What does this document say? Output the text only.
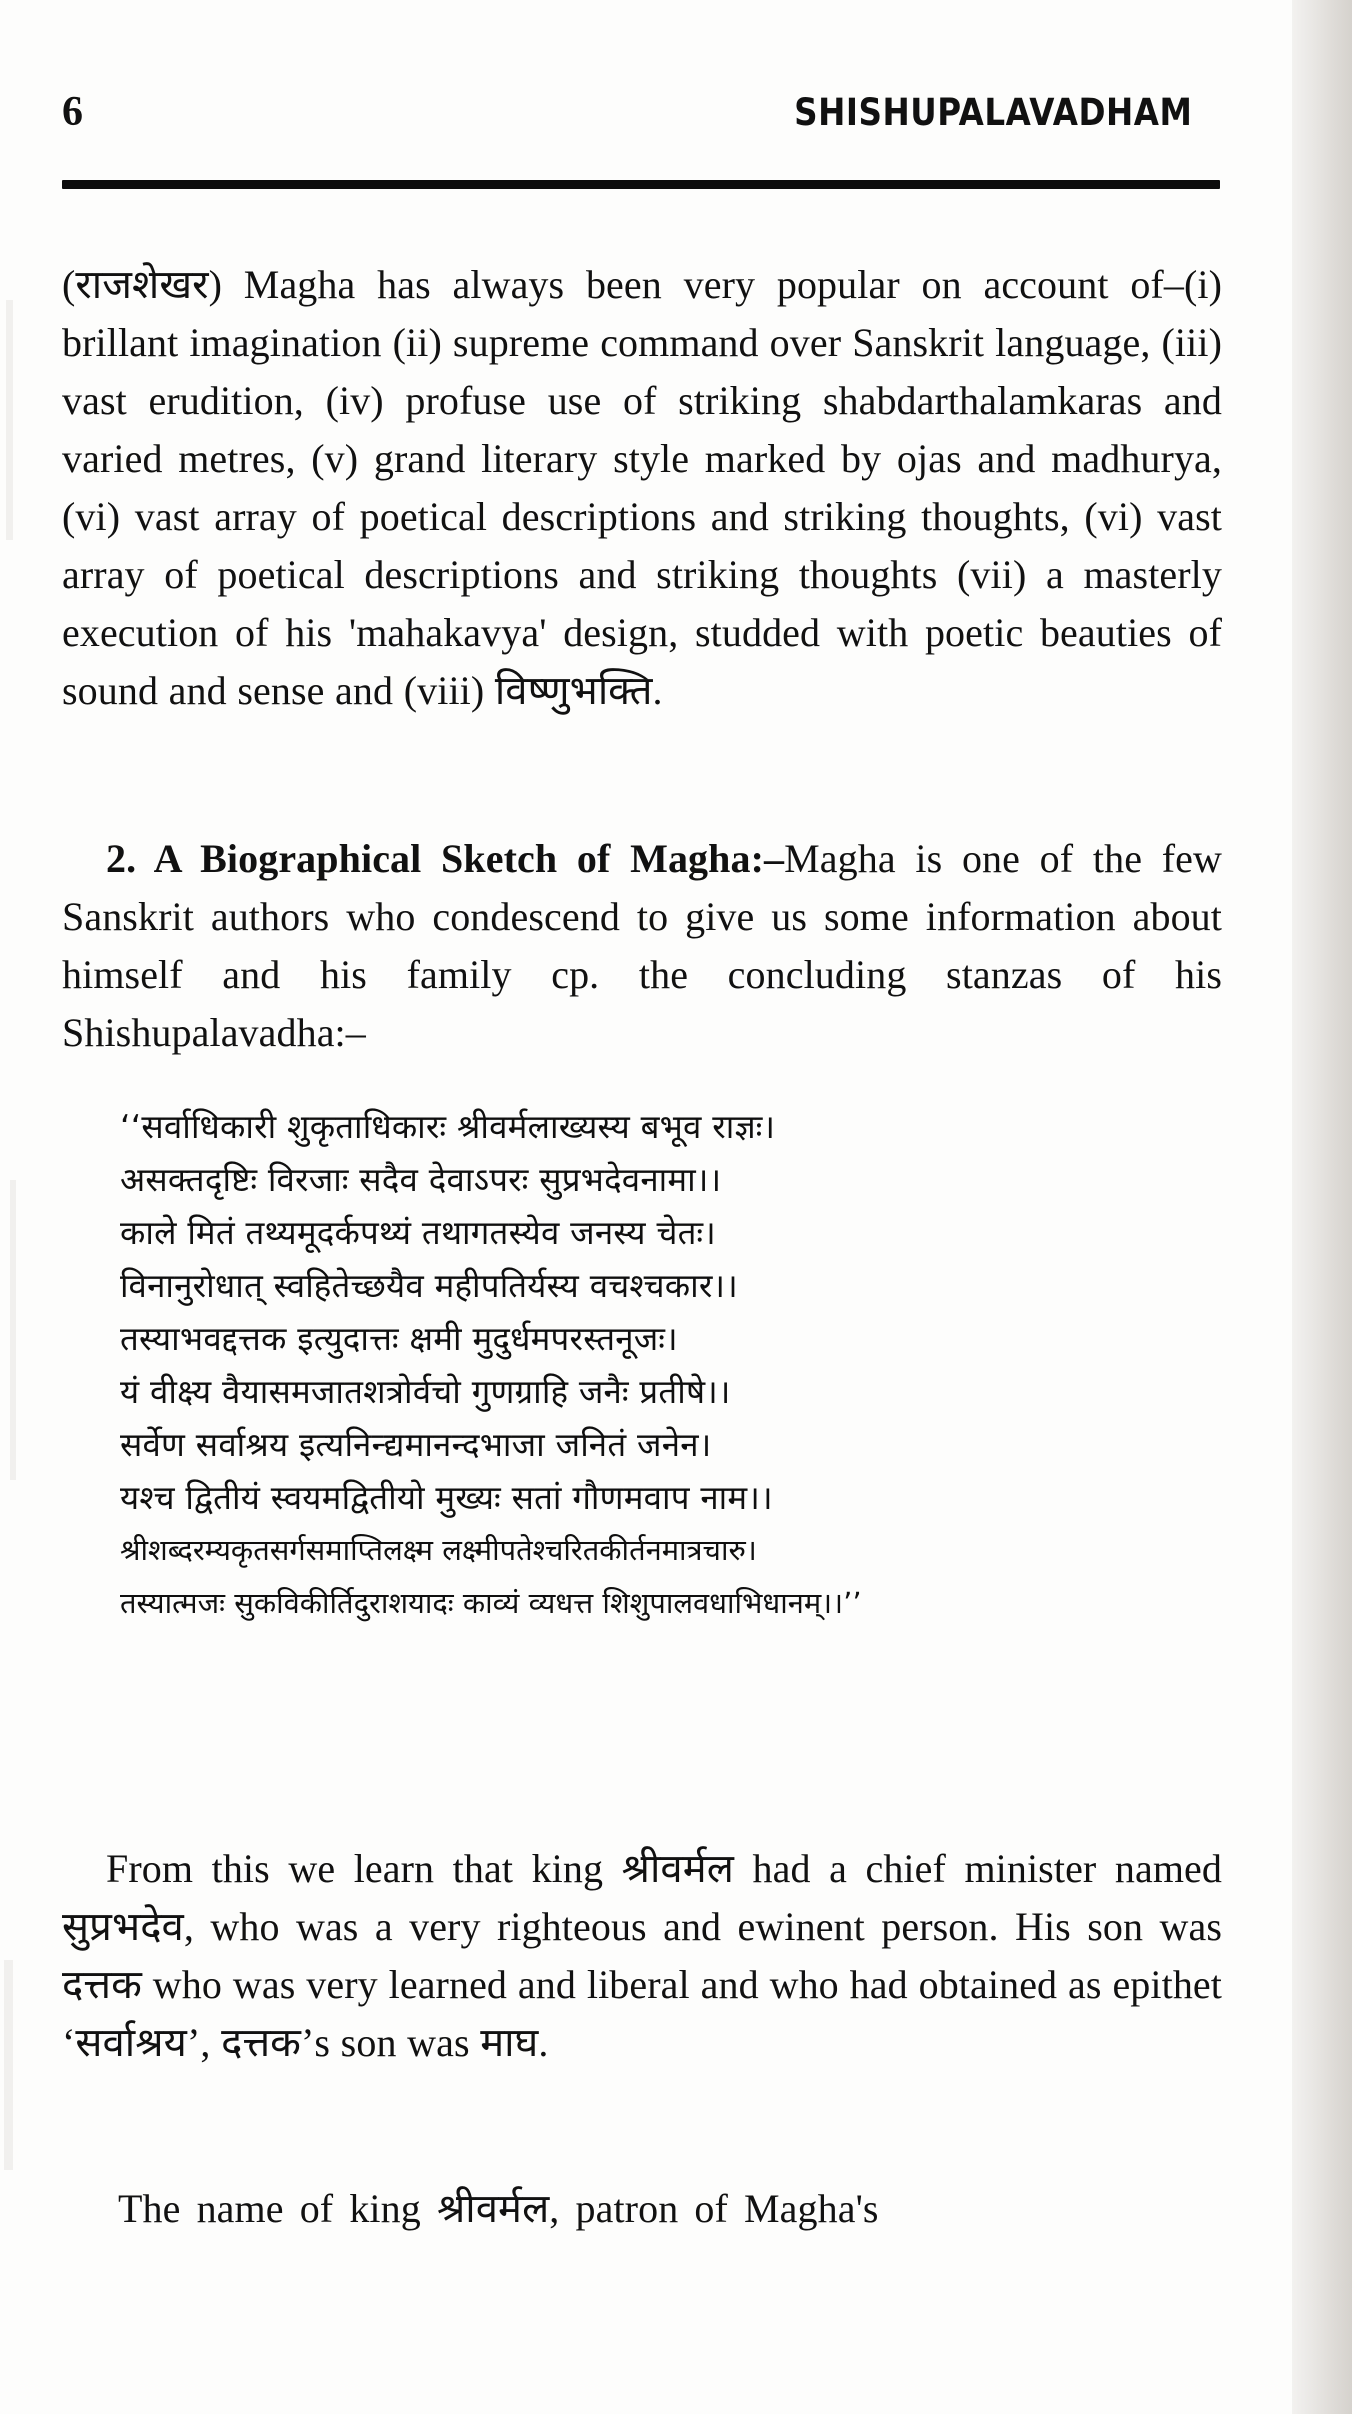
6	SHISHUPALAVADHAM

(राजशेखर) Magha has always been very popular on account of–(i) brillant imagination (ii) supreme command over Sanskrit language, (iii) vast erudition, (iv) profuse use of striking shabdarthalamkaras and varied metres, (v) grand literary style marked by ojas and madhurya, (vi) vast array of poetical descriptions and striking thoughts, (vi) vast array of poetical descriptions and striking thoughts (vii) a masterly execution of his 'mahakavya' design, studded with poetic beauties of sound and sense and (viii) विष्णुभक्ति.

2. A Biographical Sketch of Magha:–Magha is one of the few Sanskrit authors who condescend to give us some information about himself and his family cp. the concluding stanzas of his Shishupalavadha:–

‘‘सर्वाधिकारी शुकृताधिकारः श्रीवर्मलाख्यस्य बभूव राज्ञः।
असक्तदृष्टिः विरजाः सदैव देवाऽपरः सुप्रभदेवनामा।।
काले मितं तथ्यमूदर्कपथ्यं तथागतस्येव जनस्य चेतः।
विनानुरोधात् स्वहितेच्छयैव महीपतिर्यस्य वचश्चकार।।
तस्याभवद्दत्तक इत्युदात्तः क्षमी मुदुर्धमपरस्तनूजः।
यं वीक्ष्य वैयासमजातशत्रोर्वचो गुणग्राहि जनैः प्रतीषे।।
सर्वेण सर्वाश्रय इत्यनिन्द्यमानन्दभाजा जनितं जनेन।
यश्च द्वितीयं स्वयमद्वितीयो मुख्यः सतां गौणमवाप नाम।।
श्रीशब्दरम्यकृतसर्गसमाप्तिलक्ष्म लक्ष्मीपतेश्चरितकीर्तनमात्रचारु।
तस्यात्मजः सुकविकीर्तिदुराशयादः काव्यं व्यधत्त शिशुपालवधाभिधानम्।।’’

From this we learn that king श्रीवर्मल had a chief minister named सुप्रभदेव, who was a very righteous and ewinent person. His son was दत्तक who was very learned and liberal and who had obtained as epithet ‘सर्वाश्रय’, दत्तक’s son was माघ.

The name of king श्रीवर्मल, patron of Magha's
